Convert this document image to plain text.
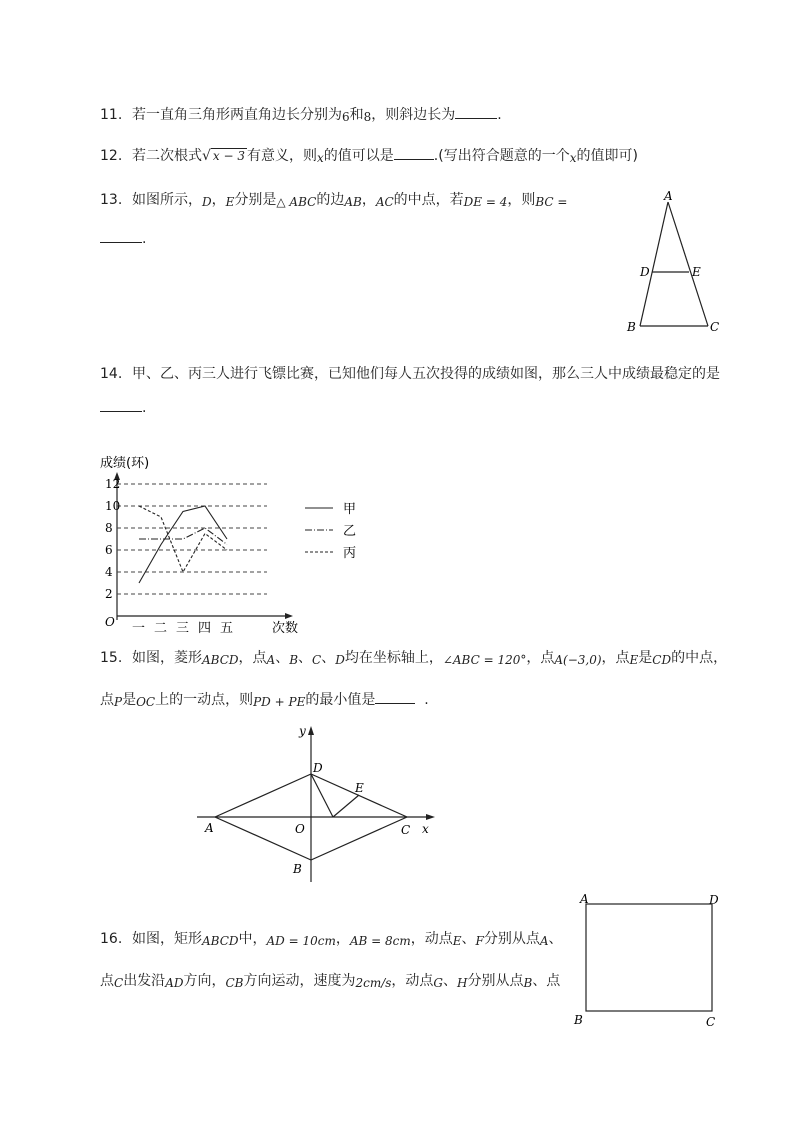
11. 若一直角三角形两直角边长分别为6和8，则斜边长为	.
12. 若二次根式√ x − 3 有意义，则x的值可以是	.(写出符合题意的一个x的值即可)
13. 如图所示，D，E分别是△ ABC的边AB，AC的中点，若DE = 4，则BC =
.
A
D	E
B	C
14. 甲、乙、丙三人进行飞镖比赛，已知他们每人五次投得的成绩如图，那么三人中成绩最稳定的是
.
成绩(环)
O	次数
2
4
6
8
10
12
一 二 三 四 五
甲
乙
丙
15. 如图，菱形ABCD，点A、B、C、D均在坐标轴上，∠ABC = 120°，点A(−3,0)，点E是CD的中点，
点P是OC上的一动点，则PD + PE的最小值是	.
A	O	C x
y
D
E
B
16. 如图，矩形ABCD中，AD = 10cm，AB = 8cm，动点E、F分别从点A、
点C出发沿AD方向，CB方向运动，速度为2cm/s，动点G、H分别从点B、点
A	D
B	C
